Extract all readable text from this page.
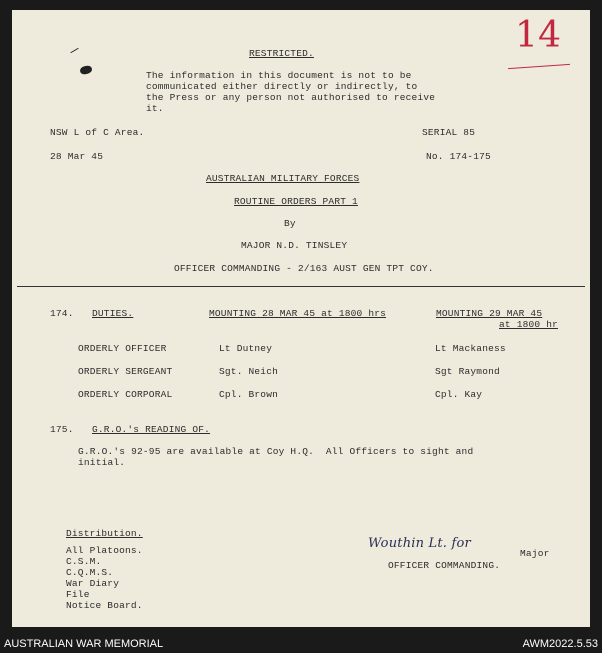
14
RESTRICTED.
The information in this document is not to be
communicated either directly or indirectly, to
the Press or any person not authorised to receive
it.
NSW L of C Area.	SERIAL 85
28 Mar 45	No. 174-175
AUSTRALIAN MILITARY FORCES
ROUTINE ORDERS PART 1
By
MAJOR N.D. TINSLEY
OFFICER COMMANDING - 2/163 AUST GEN TPT COY.
174. DUTIES.	MOUNTING 28 MAR 45 at 1800 hrs	MOUNTING 29 MAR 45
at 1800 hr
ORDERLY OFFICER	Lt Dutney	Lt Mackaness
ORDERLY SERGEANT	Sgt. Neich	Sgt Raymond
ORDERLY CORPORAL	Cpl. Brown	Cpl. Kay
175. G.R.O.'s READING OF.
G.R.O.'s 92-95 are available at Coy H.Q.  All Officers to sight and
initial.
Distribution.
All Platoons.
C.S.M.
C.Q.M.S.
War Diary
File
Notice Board.
Wouthin Lt. for
Major
OFFICER COMMANDING.
AUSTRALIAN WAR MEMORIAL	AWM2022.5.53
